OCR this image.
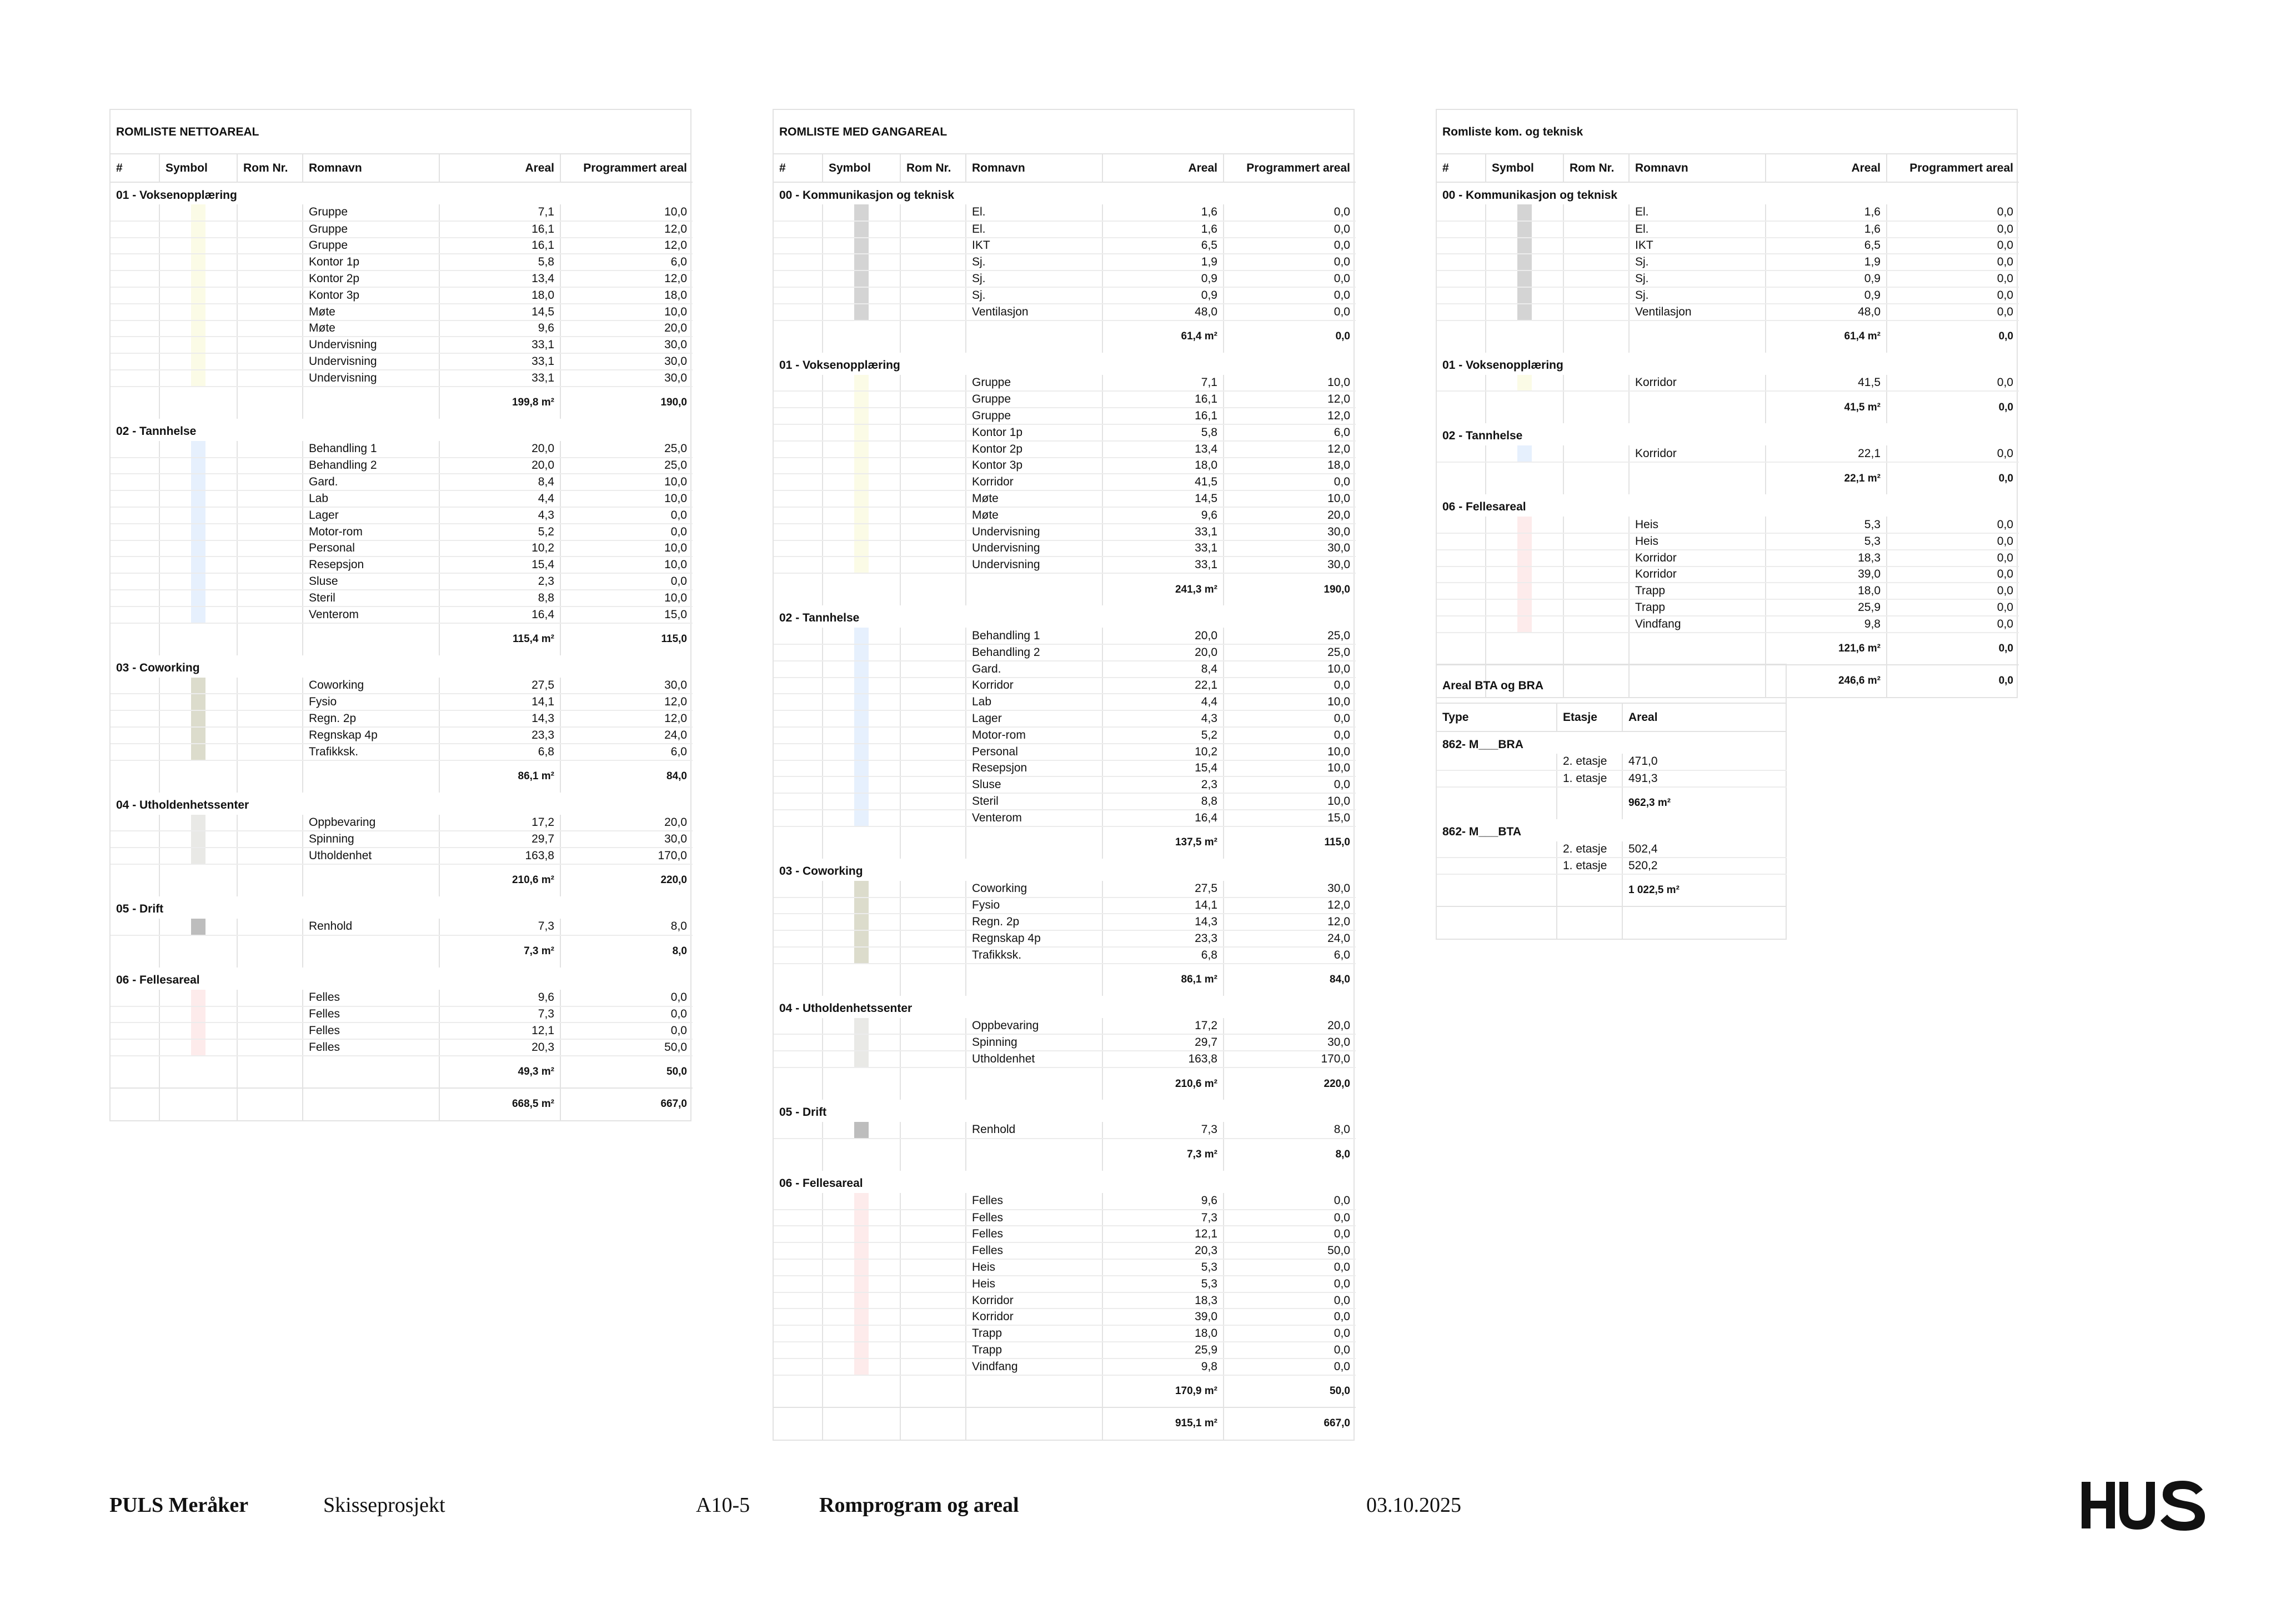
ROMLISTE NETTOAREAL
#	Symbol	Rom Nr.	Romnavn	Areal	Programmert areal
01 - Voksenopplæring					

		Gruppe	7,1	10,0

		Gruppe	16,1	12,0

		Gruppe	16,1	12,0

		Kontor 1p	5,8	6,0

		Kontor 2p	13,4	12,0

		Kontor 3p	18,0	18,0

		Møte	14,5	10,0

		Møte	9,6	20,0

		Undervisning	33,1	30,0

		Undervisning	33,1	30,0

		Undervisning	33,1	30,0
				199,8 m²	190,0
02 - Tannhelse					

		Behandling 1	20,0	25,0

		Behandling 2	20,0	25,0

		Gard.	8,4	10,0

		Lab	4,4	10,0

		Lager	4,3	0,0

		Motor-rom	5,2	0,0

		Personal	10,2	10,0

		Resepsjon	15,4	10,0

		Sluse	2,3	0,0

		Steril	8,8	10,0

		Venterom	16,4	15,0
				115,4 m²	115,0
03 - Coworking					

		Coworking	27,5	30,0

		Fysio	14,1	12,0

		Regn. 2p	14,3	12,0

		Regnskap 4p	23,3	24,0

		Trafikksk.	6,8	6,0
				86,1 m²	84,0
04 - Utholdenhetssenter					

		Oppbevaring	17,2	20,0

		Spinning	29,7	30,0

		Utholdenhet	163,8	170,0
				210,6 m²	220,0
05 - Drift					

		Renhold	7,3	8,0
				7,3 m²	8,0
06 - Fellesareal					

		Felles	9,6	0,0

		Felles	7,3	0,0

		Felles	12,1	0,0

		Felles	20,3	50,0
				49,3 m²	50,0
				668,5 m²	667,0
ROMLISTE MED GANGAREAL
#	Symbol	Rom Nr.	Romnavn	Areal	Programmert areal
00 - Kommunikasjon og teknisk					

		El.	1,6	0,0

		El.	1,6	0,0

		IKT	6,5	0,0

		Sj.	1,9	0,0

		Sj.	0,9	0,0

		Sj.	0,9	0,0

		Ventilasjon	48,0	0,0
				61,4 m²	0,0
01 - Voksenopplæring					

		Gruppe	7,1	10,0

		Gruppe	16,1	12,0

		Gruppe	16,1	12,0

		Kontor 1p	5,8	6,0

		Kontor 2p	13,4	12,0

		Kontor 3p	18,0	18,0

		Korridor	41,5	0,0

		Møte	14,5	10,0

		Møte	9,6	20,0

		Undervisning	33,1	30,0

		Undervisning	33,1	30,0

		Undervisning	33,1	30,0
				241,3 m²	190,0
02 - Tannhelse					

		Behandling 1	20,0	25,0

		Behandling 2	20,0	25,0

		Gard.	8,4	10,0

		Korridor	22,1	0,0

		Lab	4,4	10,0

		Lager	4,3	0,0

		Motor-rom	5,2	0,0

		Personal	10,2	10,0

		Resepsjon	15,4	10,0

		Sluse	2,3	0,0

		Steril	8,8	10,0

		Venterom	16,4	15,0
				137,5 m²	115,0
03 - Coworking					

		Coworking	27,5	30,0

		Fysio	14,1	12,0

		Regn. 2p	14,3	12,0

		Regnskap 4p	23,3	24,0

		Trafikksk.	6,8	6,0
				86,1 m²	84,0
04 - Utholdenhetssenter					

		Oppbevaring	17,2	20,0

		Spinning	29,7	30,0

		Utholdenhet	163,8	170,0
				210,6 m²	220,0
05 - Drift					

		Renhold	7,3	8,0
				7,3 m²	8,0
06 - Fellesareal					

		Felles	9,6	0,0

		Felles	7,3	0,0

		Felles	12,1	0,0

		Felles	20,3	50,0

		Heis	5,3	0,0

		Heis	5,3	0,0

		Korridor	18,3	0,0

		Korridor	39,0	0,0

		Trapp	18,0	0,0

		Trapp	25,9	0,0

		Vindfang	9,8	0,0
				170,9 m²	50,0
				915,1 m²	667,0
Romliste kom. og teknisk
#	Symbol	Rom Nr.	Romnavn	Areal	Programmert areal
00 - Kommunikasjon og teknisk					

		El.	1,6	0,0

		El.	1,6	0,0

		IKT	6,5	0,0

		Sj.	1,9	0,0

		Sj.	0,9	0,0

		Sj.	0,9	0,0

		Ventilasjon	48,0	0,0
				61,4 m²	0,0
01 - Voksenopplæring					

		Korridor	41,5	0,0
				41,5 m²	0,0
02 - Tannhelse					

		Korridor	22,1	0,0
				22,1 m²	0,0
06 - Fellesareal					

		Heis	5,3	0,0

		Heis	5,3	0,0

		Korridor	18,3	0,0

		Korridor	39,0	0,0

		Trapp	18,0	0,0

		Trapp	25,9	0,0

		Vindfang	9,8	0,0
				121,6 m²	0,0
				246,6 m²	0,0
Areal BTA og BRA
Type	Etasje	Areal
862- M___BRA		
	2. etasje	471,0
	1. etasje	491,3
		962,3 m²
862- M___BTA		
	2. etasje	502,4
	1. etasje	520,2
		1 022,5 m²

PULS Meråker	Skisseprosjekt	A10-5	Romprogram og areal	03.10.2025
